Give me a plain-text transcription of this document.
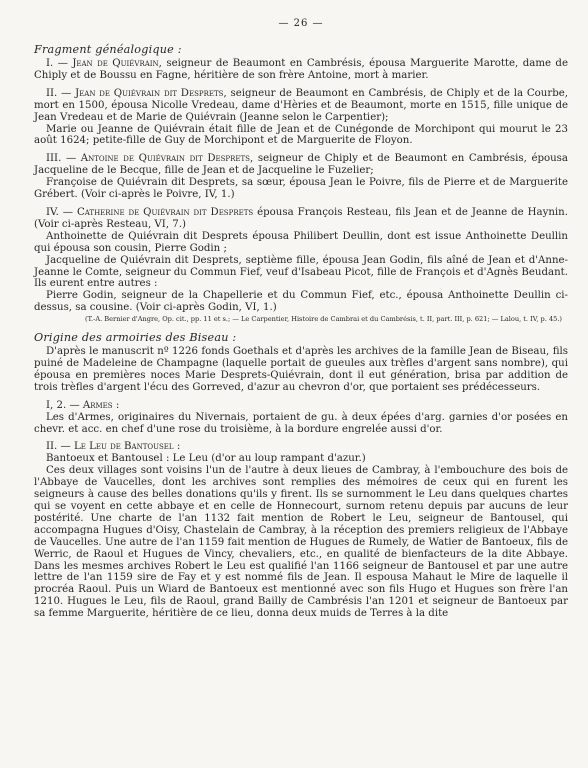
— 26 —
Fragment généalogique :

I. — Jean de Quiévrain, seigneur de Beaumont en Cambrésis, épousa Marguerite Marotte, dame de Chiply et de Boussu en Fagne, héritière de son frère Antoine, mort à marier.

II. — Jean de Quiévrain dit Desprets, seigneur de Beaumont en Cambrésis, de Chiply et de la Courbe, mort en 1500, épousa Nicolle Vredeau, dame d'Hèries et de Beaumont, morte en 1515, fille unique de Jean Vredeau et de Marie de Quiévrain (Jeanne selon le Carpentier);

Marie ou Jeanne de Quiévrain était fille de Jean et de Cunégonde de Morchipont qui mourut le 23 août 1624; petite-fille de Guy de Morchipont et de Marguerite de Floyon.

III. — Antoine de Quiévrain dit Desprets, seigneur de Chiply et de Beaumont en Cambrésis, épousa Jacqueline de le Becque, fille de Jean et de Jacqueline le Fuzelier;

Françoise de Quiévrain dit Desprets, sa sœur, épousa Jean le Poivre, fils de Pierre et de Marguerite Grébert. (Voir ci-après le Poivre, IV, 1.)

IV. — Catherine de Quiévrain dit Desprets épousa François Resteau, fils Jean et de Jeanne de Haynin. (Voir ci-après Resteau, VI, 7.)

Anthoinette de Quiévrain dit Desprets épousa Philibert Deullin, dont est issue Anthoinette Deullin qui épousa son cousin, Pierre Godin ;

Jacqueline de Quiévrain dit Desprets, septième fille, épousa Jean Godin, fils aîné de Jean et d'Anne-Jeanne le Comte, seigneur du Commun Fief, veuf d'Isabeau Picot, fille de François et d'Agnès Beudant. Ils eurent entre autres :

Pierre Godin, seigneur de la Chapellerie et du Commun Fief, etc., épousa Anthoinette Deullin ci-dessus, sa cousine. (Voir ci-après Godin, VI, 1.)

(T.-A. Bernier d'Angre, Op. cit., pp. 11 et s.; — Le Carpentier, Histoire de Cambrai et du Cambrésis, t. II, part. III, p. 621; — Lalou, t. IV, p. 45.)

Origine des armoiries des Biseau :

D'après le manuscrit nº 1226 fonds Goethals et d'après les archives de la famille Jean de Biseau, fils puiné de Madeleine de Champagne (laquelle portait de gueules aux trèfles d'argent sans nombre), qui épousa en premières noces Marie Desprets-Quiévrain, dont il eut génération, brisa par addition de trois trèfles d'argent l'écu des Gorreved, d'azur au chevron d'or, que portaient ses prédécesseurs.

I, 2. — Armes :

Les d'Armes, originaires du Nivernais, portaient de gu. à deux épées d'arg. garnies d'or posées en chevr. et acc. en chef d'une rose du troisième, à la bordure engrelée aussi d'or.

II. — Le Leu de Bantousel :

Bantoeux et Bantousel : Le Leu (d'or au loup rampant d'azur.)

Ces deux villages sont voisins l'un de l'autre à deux lieues de Cambray, à l'embouchure des bois de l'Abbaye de Vaucelles, dont les archives sont remplies des mémoires de ceux qui en furent les seigneurs à cause des belles donations qu'ils y firent. Ils se surnomment le Leu dans quelques chartes qui se voyent en cette abbaye et en celle de Honnecourt, surnom retenu depuis par aucuns de leur postérité. Une charte de l'an 1132 fait mention de Robert le Leu, seigneur de Bantousel, qui accompagna Hugues d'Oisy, Chastelain de Cambray, à la réception des premiers religieux de l'Abbaye de Vaucelles. Une autre de l'an 1159 fait mention de Hugues de Rumely, de Watier de Bantoeux, fils de Werric, de Raoul et Hugues de Vincy, chevaliers, etc., en qualité de bienfacteurs de la dite Abbaye. Dans les mesmes archives Robert le Leu est qualifié l'an 1166 seigneur de Bantousel et par une autre lettre de l'an 1159 sire de Fay et y est nommé fils de Jean. Il espousa Mahaut le Mire de laquelle il procréa Raoul. Puis un Wiard de Bantoeux est mentionné avec son fils Hugo et Hugues son frère l'an 1210. Hugues le Leu, fils de Raoul, grand Bailly de Cambrésis l'an 1201 et seigneur de Bantoeux par sa femme Marguerite, héritière de ce lieu, donna deux muids de Terres à la dite
